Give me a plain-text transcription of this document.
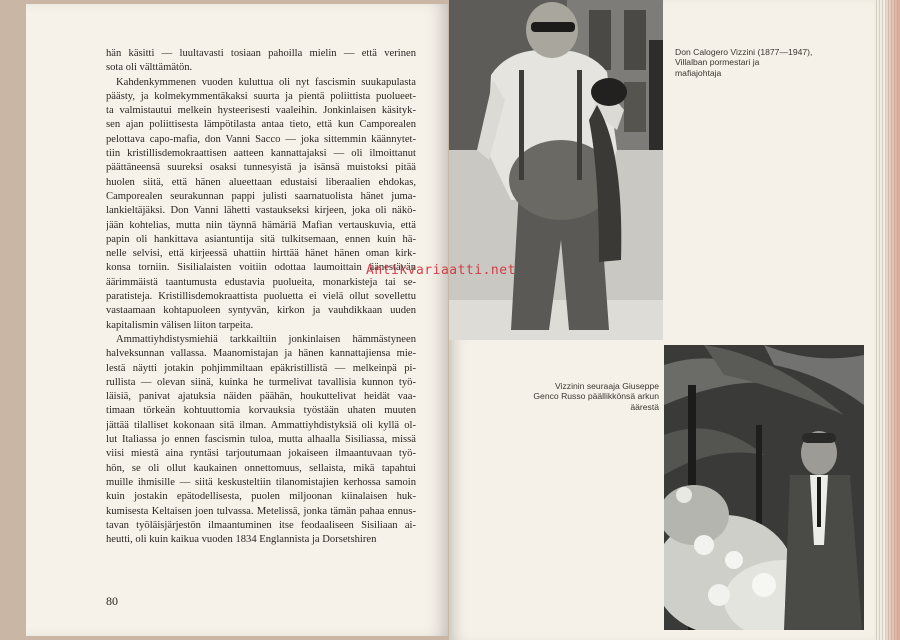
hän käsitti — luultavasti tosiaan pahoilla mielin — että verinen
sota oli välttämätön.
Kahdenkymmenen vuoden kuluttua oli nyt fascismin suukapulasta
päästy, ja kolmekymmentäkaksi suurta ja pientä poliittista puolueet-
ta valmistautui melkein hysteerisesti vaaleihin. Jonkinlaisen käsityk-
sen ajan poliittisesta lämpötilasta antaa tieto, että kun Camporealen
pelottava capo-mafia, don Vanni Sacco — joka sittemmin käännytet-
tiin kristillisdemokraattisen aatteen kannattajaksi — oli ilmoittanut
päättäneensä suureksi osaksi tunnesyistä ja isänsä muistoksi pitää
huolen siitä, että hänen alueettaan edustaisi liberaalien ehdokas,
Camporealen seurakunnan pappi julisti saarnatuolista hänet juma-
lankieltäjäksi. Don Vanni lähetti vastaukseksi kirjeen, joka oli näkö-
jään kohtelias, mutta niin täynnä hämäriä Mafian vertauskuvia, että
papin oli hankittava asiantuntija sitä tulkitsemaan, ennen kuin hä-
nelle selvisi, että kirjeessä uhattiin hirttää hänet hänen oman kirk-
konsa torniin. Sisilialaisten voitiin odottaa laumoittain äänestävän
äärimmäistä taantumusta edustavia puolueita, monarkisteja tai se-
paratisteja. Kristillisdemokraattista puoluetta ei vielä ollut sovellettu
vastaamaan kohtapuoleen syntyvän, kirkon ja vauhdikkaan uuden
kapitalismin välisen liiton tarpeita.
Ammattiyhdistysmiehiä tarkkailtiin jonkinlaisen hämmästyneen
halveksunnan vallassa. Maanomistajan ja hänen kannattajiensa mie-
lestä näytti jotakin pohjimmiltaan epäkristillistä — melkeinpä pi-
rullista — olevan siinä, kuinka he turmelivat tavallisia kunnon työ-
läisiä, panivat ajatuksia näiden päähän, houkuttelivat heidät vaa-
timaan törkeän kohtuuttomia korvauksia työstään uhaten muuten
jättää tilalliset kokonaan sitä ilman. Ammattiyhdistyksiä oli kyllä ol-
lut Italiassa jo ennen fascismin tuloa, mutta alhaalla Sisiliassa, missä
viisi miestä aina ryntäsi tarjoutumaan jokaiseen ilmaantuvaan työ-
hön, se oli ollut kaukainen onnettomuus, sellaista, mikä tapahtui
muille ihmisille — siitä keskusteltiin tilanomistajien kerhossa samoin
kuin jostakin epätodellisesta, puolen miljoonan kiinalaisen huk-
kumisesta Keltaisen joen tulvassa. Metelissä, jonka tämän pahaa ennus-
tavan työläisjärjestön ilmaantuminen itse feodaaliseen Sisiliaan ai-
heutti, oli kuin kaikua vuoden 1834 Englannista ja Dorsetshiren
80
Don Calogero Vizzini (1877—1947),
Villalban pormestari ja
mafiajohtaja
Vizzinin seuraaja Giuseppe
Genco Russo päällikkönsä arkun
äärestä
Antikvariaatti.net
